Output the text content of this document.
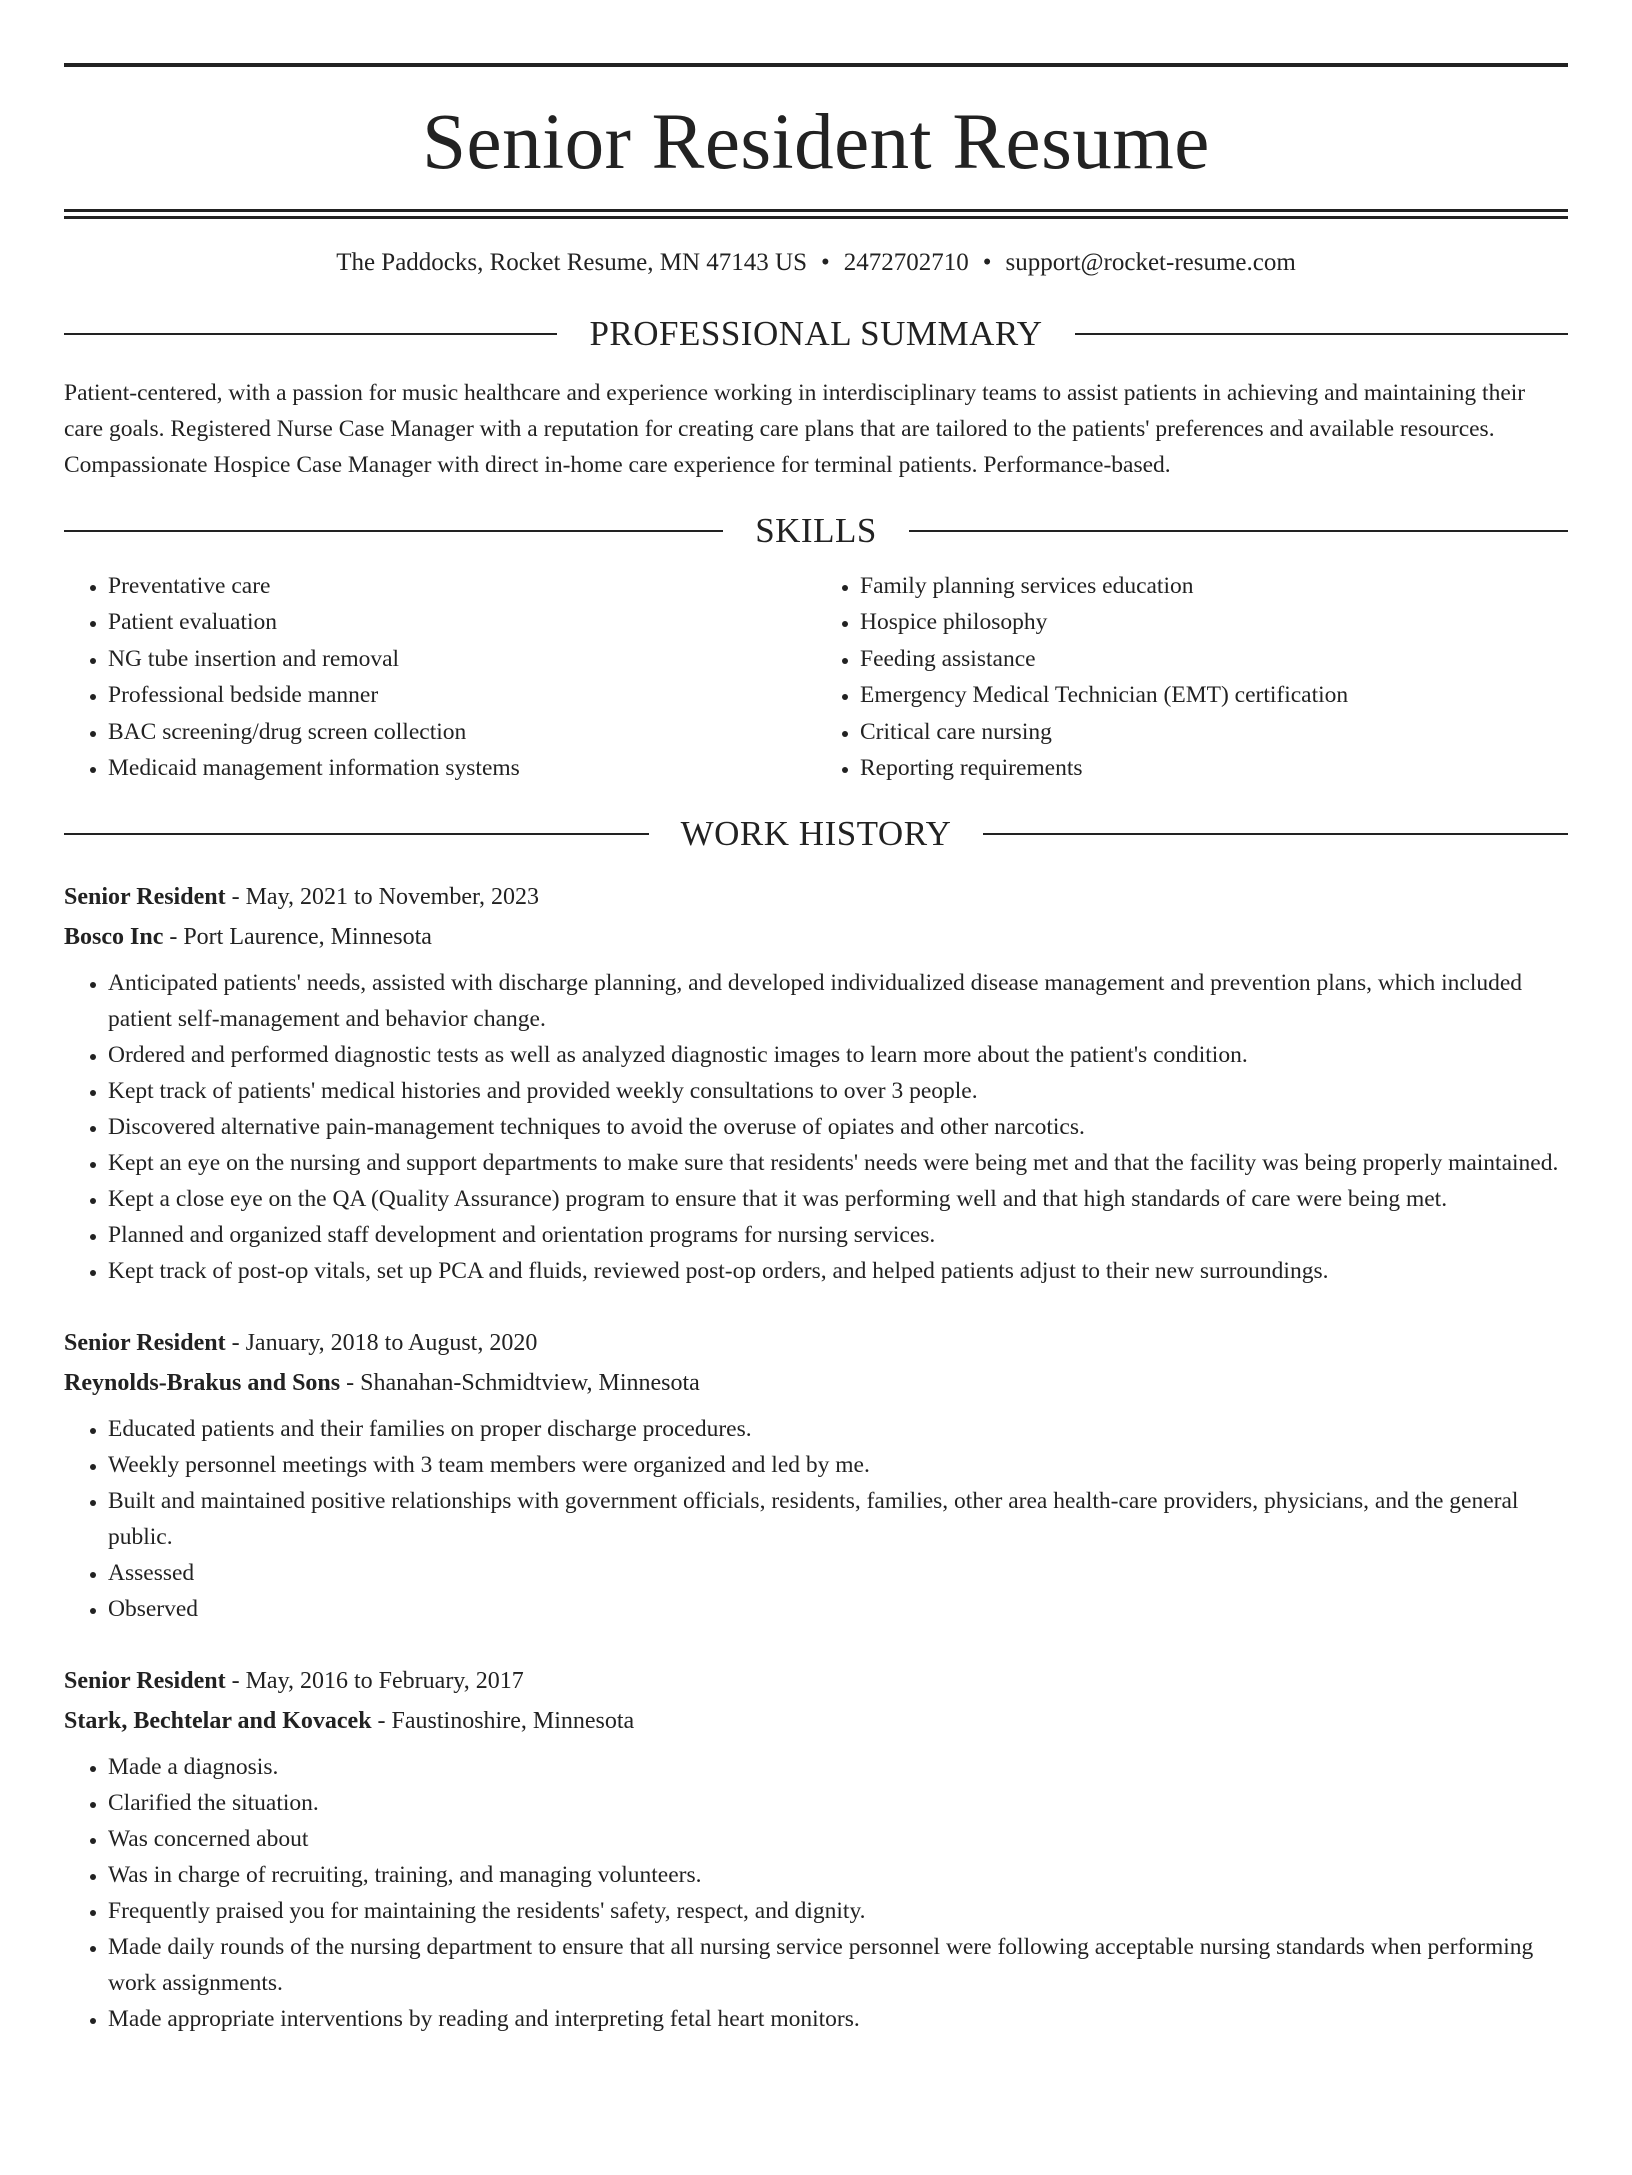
Senior Resident Resume
The Paddocks, Rocket Resume, MN 47143 US • 2472702710 • support@rocket-resume.com
PROFESSIONAL SUMMARY
Patient-centered, with a passion for music healthcare and experience working in interdisciplinary teams to assist patients in achieving and maintaining their care goals. Registered Nurse Case Manager with a reputation for creating care plans that are tailored to the patients' preferences and available resources. Compassionate Hospice Case Manager with direct in-home care experience for terminal patients. Performance-based.
SKILLS
• Preventative care
• Patient evaluation
• NG tube insertion and removal
• Professional bedside manner
• BAC screening/drug screen collection
• Medicaid management information systems
• Family planning services education
• Hospice philosophy
• Feeding assistance
• Emergency Medical Technician (EMT) certification
• Critical care nursing
• Reporting requirements
WORK HISTORY
Senior Resident - May, 2021 to November, 2023
Bosco Inc - Port Laurence, Minnesota
• Anticipated patients' needs, assisted with discharge planning, and developed individualized disease management and prevention plans, which included patient self-management and behavior change.
• Ordered and performed diagnostic tests as well as analyzed diagnostic images to learn more about the patient's condition.
• Kept track of patients' medical histories and provided weekly consultations to over 3 people.
• Discovered alternative pain-management techniques to avoid the overuse of opiates and other narcotics.
• Kept an eye on the nursing and support departments to make sure that residents' needs were being met and that the facility was being properly maintained.
• Kept a close eye on the QA (Quality Assurance) program to ensure that it was performing well and that high standards of care were being met.
• Planned and organized staff development and orientation programs for nursing services.
• Kept track of post-op vitals, set up PCA and fluids, reviewed post-op orders, and helped patients adjust to their new surroundings.
Senior Resident - January, 2018 to August, 2020
Reynolds-Brakus and Sons - Shanahan-Schmidtview, Minnesota
• Educated patients and their families on proper discharge procedures.
• Weekly personnel meetings with 3 team members were organized and led by me.
• Built and maintained positive relationships with government officials, residents, families, other area health-care providers, physicians, and the general public.
• Assessed
• Observed
Senior Resident - May, 2016 to February, 2017
Stark, Bechtelar and Kovacek - Faustinoshire, Minnesota
• Made a diagnosis.
• Clarified the situation.
• Was concerned about
• Was in charge of recruiting, training, and managing volunteers.
• Frequently praised you for maintaining the residents' safety, respect, and dignity.
• Made daily rounds of the nursing department to ensure that all nursing service personnel were following acceptable nursing standards when performing work assignments.
• Made appropriate interventions by reading and interpreting fetal heart monitors.
